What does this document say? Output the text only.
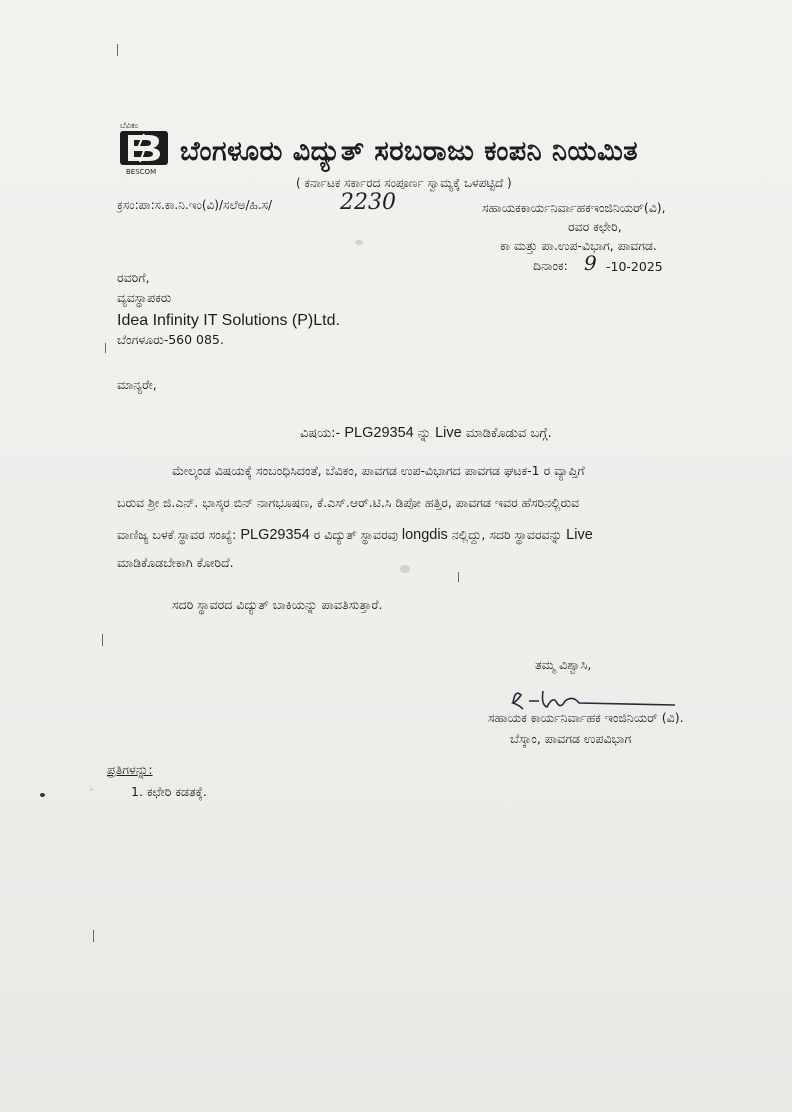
ಬೆವಿಕಂ
BESCOM
ಬೆಂಗಳೂರು ವಿದ್ಯುತ್ ಸರಬರಾಜು ಕಂಪನಿ ನಿಯಮಿತ
( ಕರ್ನಾಟಕ ಸರ್ಕಾರದ ಸಂಪೂರ್ಣ ಸ್ವಾಮ್ಯಕ್ಕೆ ಒಳಪಟ್ಟಿದೆ )
ಕ್ರಸಂ:ಪಾ:ಸ.ಕಾ.ನಿ.ಇಂ(ವಿ)/ಸಲೆಅ/ಹಿ.ಸ/	2230	ಸಹಾಯಕಕಾರ್ಯನಿರ್ವಾಹಕಇಂಜಿನಿಯರ್(ವಿ),
ರವರ ಕಛೇರಿ,
ಕಾ ಮತ್ತು ಪಾ.ಉಪ-ವಿಭಾಗ, ಪಾವಗಡ.
ದಿನಾಂಕ: 9 -10-2025
ರವರಿಗೆ,
ವ್ಯವಸ್ಥಾಪಕರು
Idea Infinity IT Solutions (P)Ltd.
ಬೆಂಗಳೂರು-560 085.
ಮಾನ್ಯರೇ,
ವಿಷಯ:- PLG29354 ನ್ನು Live ಮಾಡಿಕೊಡುವ ಬಗ್ಗೆ.
ಮೇಲ್ಕಂಡ ವಿಷಯಕ್ಕೆ ಸಂಬಂಧಿಸಿದಂತೆ, ಬೆವಿಕಂ, ಪಾವಗಡ ಉಪ-ವಿಭಾಗದ ಪಾವಗಡ ಘಟಕ-1 ರ ವ್ಯಾಪ್ತಿಗೆ
ಬರುವ ಶ್ರೀ ಜಿ.ಎನ್. ಭಾಸ್ಕರ ಬಿನ್ ನಾಗಭೂಷಣ, ಕೆ.ಎಸ್.ಆರ್.ಟಿ.ಸಿ ಡಿಪೋ ಹತ್ತಿರ, ಪಾವಗಡ ಇವರ ಹೆಸರಿನಲ್ಲಿರುವ
ವಾಣಿಜ್ಯ ಬಳಕೆ ಸ್ಥಾವರ ಸಂಖ್ಯೆ: PLG29354 ರ ವಿದ್ಯುತ್ ಸ್ಥಾವರವು longdis ನಲ್ಲಿದ್ದು, ಸದರಿ ಸ್ಥಾವರವನ್ನು Live
ಮಾಡಿಕೊಡಬೇಕಾಗಿ ಕೋರಿದೆ.
ಸದರಿ ಸ್ಥಾವರದ ವಿದ್ಯುತ್ ಬಾಕಿಯನ್ನು ಪಾವತಿಸುತ್ತಾರೆ.
ತಮ್ಮ ವಿಶ್ವಾಸಿ,
ಸಹಾಯಕ ಕಾರ್ಯನಿರ್ವಾಹಕ ಇಂಜಿನಿಯರ್ (ವಿ).
ಬೆಸ್ಕಾಂ, ಪಾವಗಡ ಉಪವಿಭಾಗ
ಪ್ರತಿಗಳನ್ನು:
1. ಕಛೇರಿ ಕಡತಕ್ಕೆ.
